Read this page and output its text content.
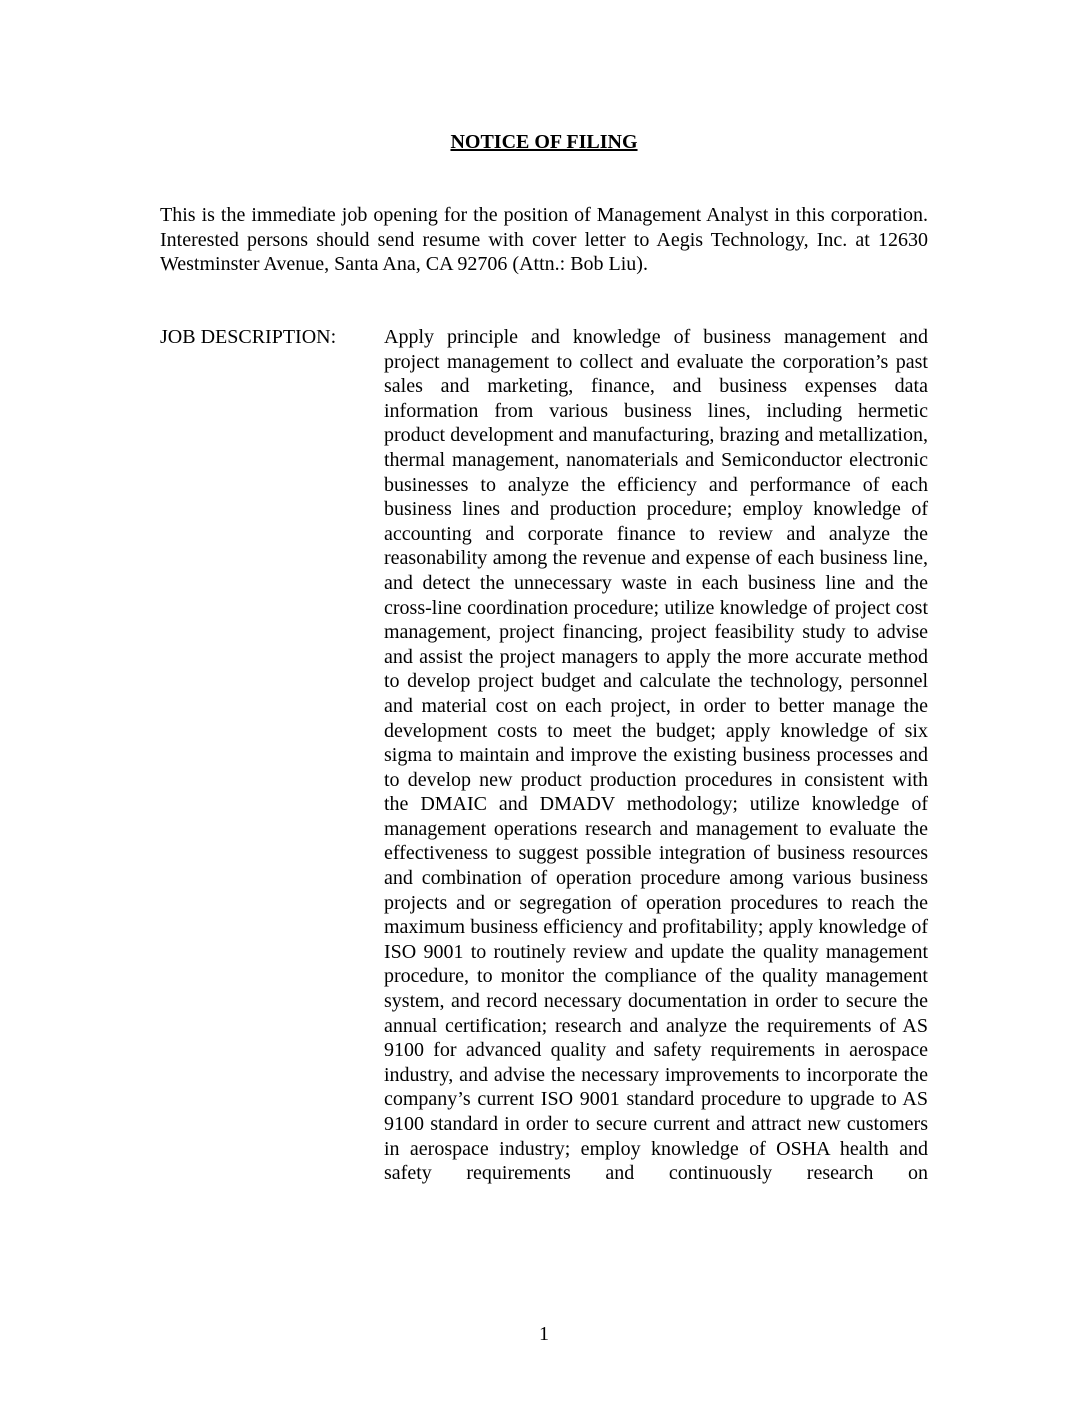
NOTICE OF FILING
This is the immediate job opening for the position of Management Analyst in this corporation. Interested persons should send resume with cover letter to Aegis Technology, Inc. at 12630 Westminster Avenue, Santa Ana, CA 92706 (Attn.: Bob Liu).
JOB DESCRIPTION:	Apply principle and knowledge of business management and project management to collect and evaluate the corporation’s past sales and marketing, finance, and business expenses data information from various business lines, including hermetic product development and manufacturing, brazing and metallization, thermal management, nanomaterials and Semiconductor electronic businesses to analyze the efficiency and performance of each business lines and production procedure; employ knowledge of accounting and corporate finance to review and analyze the reasonability among the revenue and expense of each business line, and detect the unnecessary waste in each business line and the cross-line coordination procedure; utilize knowledge of project cost management, project financing, project feasibility study to advise and assist the project managers to apply the more accurate method to develop project budget and calculate the technology, personnel and material cost on each project, in order to better manage the development costs to meet the budget; apply knowledge of six sigma to maintain and improve the existing business processes and to develop new product production procedures in consistent with the DMAIC and DMADV methodology; utilize knowledge of management operations research and management to evaluate the effectiveness to suggest possible integration of business resources and combination of operation procedure among various business projects and or segregation of operation procedures to reach the maximum business efficiency and profitability; apply knowledge of ISO 9001 to routinely review and update the quality management procedure, to monitor the compliance of the quality management system, and record necessary documentation in order to secure the annual certification; research and analyze the requirements of AS 9100 for advanced quality and safety requirements in aerospace industry, and advise the necessary improvements to incorporate the company’s current ISO 9001 standard procedure to upgrade to AS 9100 standard in order to secure current and attract new customers in aerospace industry; employ knowledge of OSHA health and safety requirements and continuously research on
1
